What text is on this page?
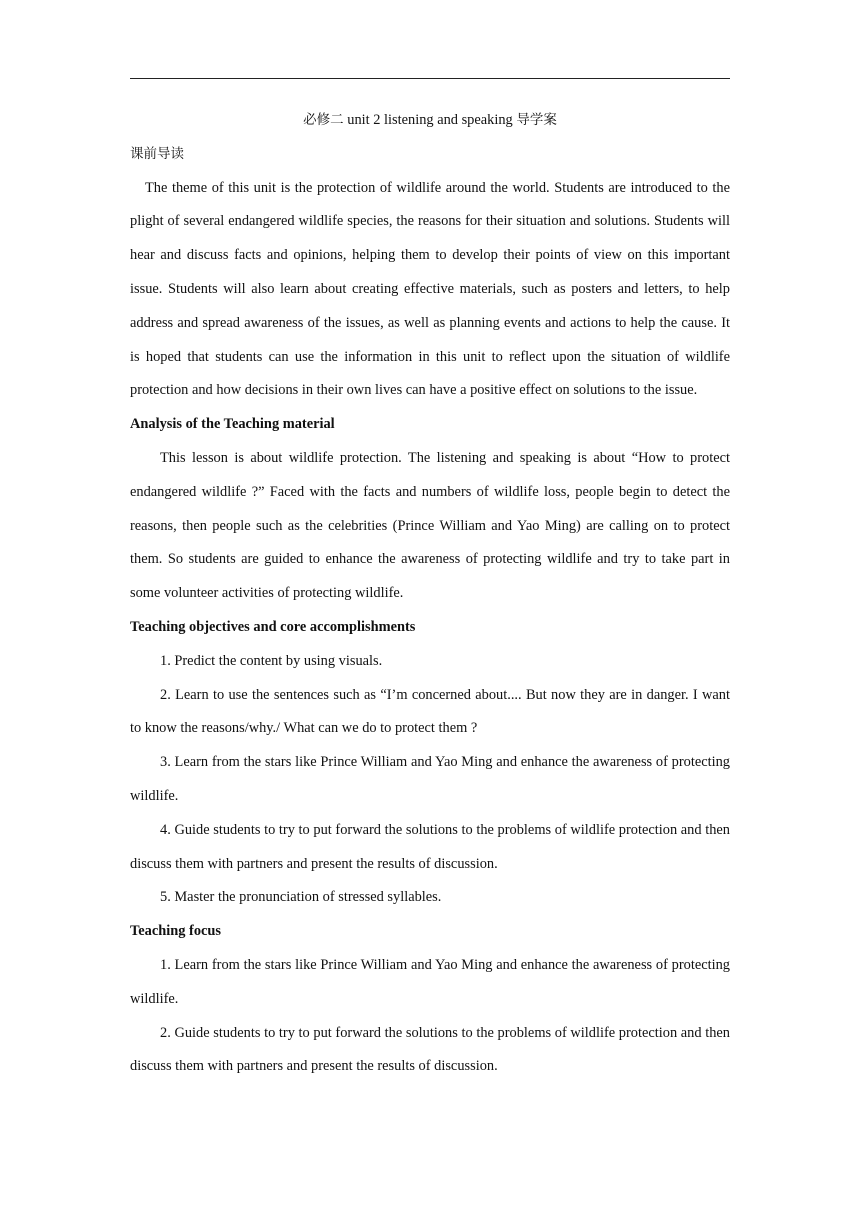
必修二 unit 2 listening and speaking 导学案

课前导读

The theme of this unit is the protection of wildlife around the world. Students are introduced to the plight of several endangered wildlife species, the reasons for their situation and solutions. Students will hear and discuss facts and opinions, helping them to develop their points of view on this important issue. Students will also learn about creating effective materials, such as posters and letters, to help address and spread awareness of the issues, as well as planning events and actions to help the cause. It is hoped that students can use the information in this unit to reflect upon the situation of wildlife protection and how decisions in their own lives can have a positive effect on solutions to the issue.

Analysis of the Teaching material

This lesson is about wildlife protection. The listening and speaking is about “How to protect endangered wildlife ?” Faced with the facts and numbers of wildlife loss, people begin to detect the reasons, then people such as the celebrities (Prince William and Yao Ming) are calling on to protect them. So students are guided to enhance the awareness of protecting wildlife and try to take part in some volunteer activities of protecting wildlife.

Teaching objectives and core accomplishments

1. Predict the content by using visuals.

2. Learn to use the sentences such as “I’m concerned about.... But now they are in danger. I want to know the reasons/why./ What can we do to protect them ?

3. Learn from the stars like Prince William and Yao Ming and enhance the awareness of protecting wildlife.

4. Guide students to try to put forward the solutions to the problems of wildlife protection and then discuss them with partners and present the results of discussion.

5. Master the pronunciation of stressed syllables.

Teaching focus

1. Learn from the stars like Prince William and Yao Ming and enhance the awareness of protecting wildlife.

2. Guide students to try to put forward the solutions to the problems of wildlife protection and then discuss them with partners and present the results of discussion.
